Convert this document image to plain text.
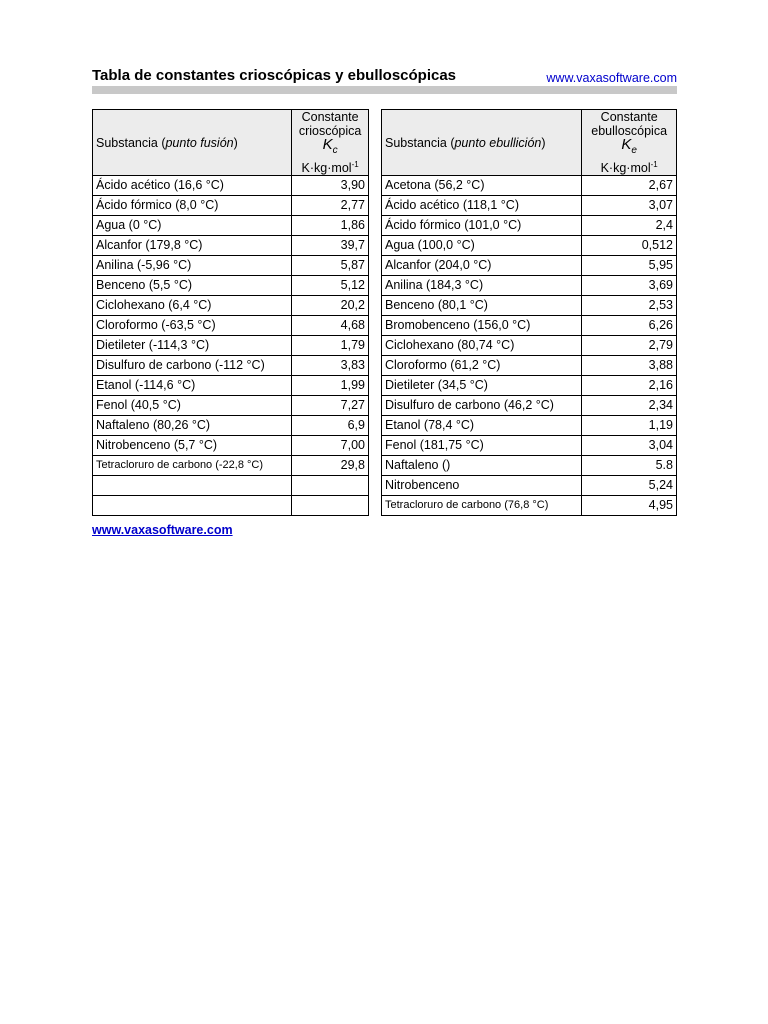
Tabla de constantes crioscópicas y ebulloscópicas	www.vaxasoftware.com
Substancia (punto fusión)	Constante
crioscópica
$K_c$
K·kg·mol$^{-1}$

Ácido acético (16,6 °C)	3,90
Ácido fórmico (8,0 °C)	2,77
Agua (0 °C)	1,86
Alcanfor (179,8 °C)	39,7
Anilina (-5,96 °C)	5,87
Benceno (5,5 °C)	5,12
Ciclohexano (6,4 °C)	20,2
Cloroformo (-63,5 °C)	4,68
Dietileter (-114,3 °C)	1,79
Disulfuro de carbono (-112 °C)	3,83
Etanol (-114,6 °C)	1,99
Fenol (40,5 °C)	7,27
Naftaleno (80,26 °C)	6,9
Nitrobenceno (5,7 °C)	7,00
Tetracloruro de carbono (-22,8 °C)	29,8

Substancia (punto ebullición)	Constante
ebulloscópica
$K_e$
K·kg·mol$^{-1}$

Acetona (56,2 °C)	2,67
Ácido acético (118,1 °C)	3,07
Ácido fórmico (101,0 °C)	2,4
Agua (100,0 °C)	0,512
Alcanfor (204,0 °C)	5,95
Anilina (184,3 °C)	3,69
Benceno (80,1 °C)	2,53
Bromobenceno (156,0 °C)	6,26
Ciclohexano (80,74 °C)	2,79
Cloroformo (61,2 °C)	3,88
Dietileter (34,5 °C)	2,16
Disulfuro de carbono (46,2 °C)	2,34
Etanol (78,4 °C)	1,19
Fenol (181,75 °C)	3,04
Naftaleno ()	5.8
Nitrobenceno	5,24
Tetracloruro de carbono (76,8 °C)	4,95
www.vaxasoftware.com
